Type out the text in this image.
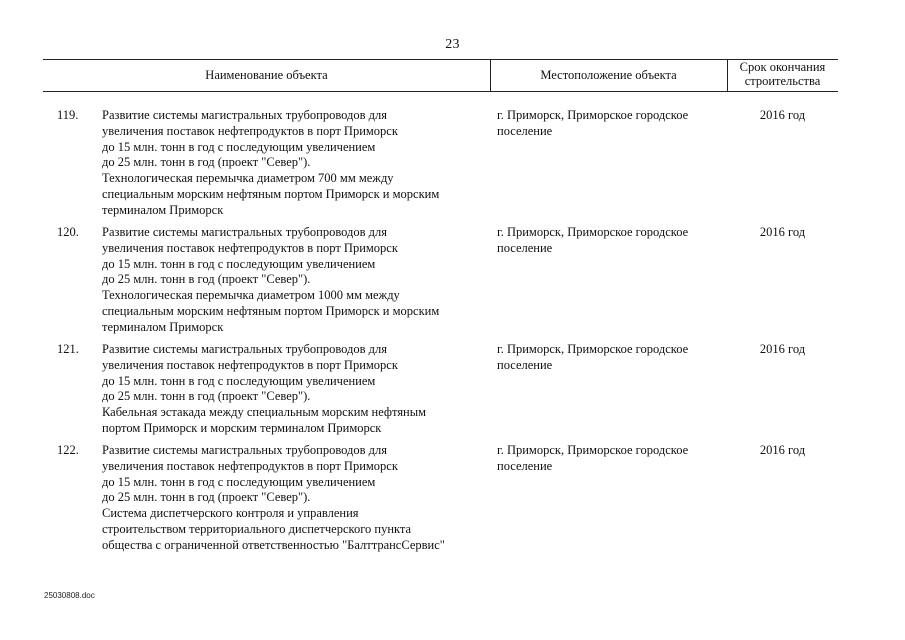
23
Наименование объекта	Местоположение объекта
Срок окончания строительства
119. Развитие системы магистральных трубопроводов для
увеличения поставок нефтепродуктов в порт Приморск
до 15 млн. тонн в год с последующим увеличением
до 25 млн. тонн в год (проект "Север").
Технологическая перемычка диаметром 700 мм между
специальным морским нефтяным портом Приморск и морским
терминалом Приморск
г. Приморск, Приморское городское поселение
2016 год
120. Развитие системы магистральных трубопроводов для
увеличения поставок нефтепродуктов в порт Приморск
до 15 млн. тонн в год с последующим увеличением
до 25 млн. тонн в год (проект "Север").
Технологическая перемычка диаметром 1000 мм между
специальным морским нефтяным портом Приморск и морским
терминалом Приморск
г. Приморск, Приморское городское поселение
2016 год
121. Развитие системы магистральных трубопроводов для
увеличения поставок нефтепродуктов в порт Приморск
до 15 млн. тонн в год с последующим увеличением
до 25 млн. тонн в год (проект "Север").
Кабельная эстакада между специальным морским нефтяным
портом Приморск и морским терминалом Приморск
г. Приморск, Приморское городское поселение
2016 год
122. Развитие системы магистральных трубопроводов для
увеличения поставок нефтепродуктов в порт Приморск
до 15 млн. тонн в год с последующим увеличением
до 25 млн. тонн в год (проект "Север").
Система диспетчерского контроля и управления
строительством территориального диспетчерского пункта
общества с ограниченной ответственностью "БалттрансСервис"
г. Приморск, Приморское городское поселение
2016 год
25030808.doc
